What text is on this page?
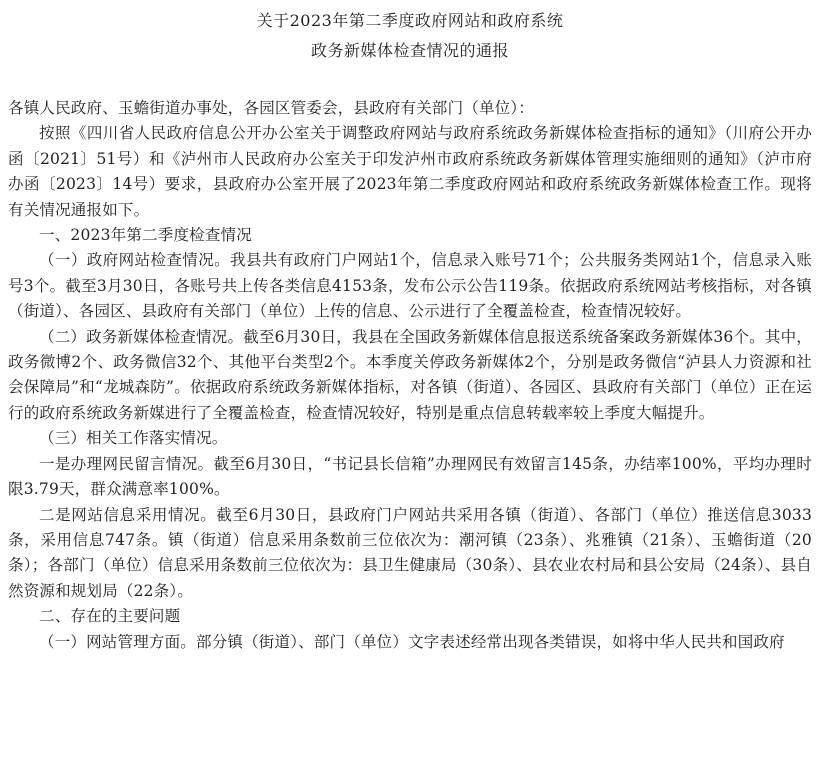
关于2023年第二季度政府网站和政府系统
政务新媒体检查情况的通报

各镇人民政府、玉蟾街道办事处，各园区管委会，县政府有关部门（单位）：

按照《四川省人民政府信息公开办公室关于调整政府网站与政府系统政务新媒体检查指标的通知》（川府公开办函〔2021〕51号）和《泸州市人民政府办公室关于印发泸州市政府系统政务新媒体管理实施细则的通知》（泸市府办函〔2023〕14号）要求，县政府办公室开展了2023年第二季度政府网站和政府系统政务新媒体检查工作。现将有关情况通报如下。

一、2023年第二季度检查情况

（一）政府网站检查情况。我县共有政府门户网站1个，信息录入账号71个；公共服务类网站1个，信息录入账号3个。截至3月30日，各账号共上传各类信息4153条，发布公示公告119条。依据政府系统网站考核指标，对各镇（街道）、各园区、县政府有关部门（单位）上传的信息、公示进行了全覆盖检查，检查情况较好。

（二）政务新媒体检查情况。截至6月30日，我县在全国政务新媒体信息报送系统备案政务新媒体36个。其中，政务微博2个、政务微信32个、其他平台类型2个。本季度关停政务新媒体2个，分别是政务微信“泸县人力资源和社会保障局”和“龙城森防”。依据政府系统政务新媒体指标，对各镇（街道）、各园区、县政府有关部门（单位）正在运行的政府系统政务新媒进行了全覆盖检查，检查情况较好，特别是重点信息转载率较上季度大幅提升。

（三）相关工作落实情况。

一是办理网民留言情况。截至6月30日，“书记县长信箱”办理网民有效留言145条，办结率100%，平均办理时限3.79天，群众满意率100%。

二是网站信息采用情况。截至6月30日，县政府门户网站共采用各镇（街道）、各部门（单位）推送信息3033条，采用信息747条。镇（街道）信息采用条数前三位依次为：潮河镇（23条）、兆雅镇（21条）、玉蟾街道（20条）；各部门（单位）信息采用条数前三位依次为：县卫生健康局（30条）、县农业农村局和县公安局（24条）、县自然资源和规划局（22条）。

二、存在的主要问题

（一）网站管理方面。部分镇（街道）、部门（单位）文字表述经常出现各类错误，如将中华人民共和国政府
